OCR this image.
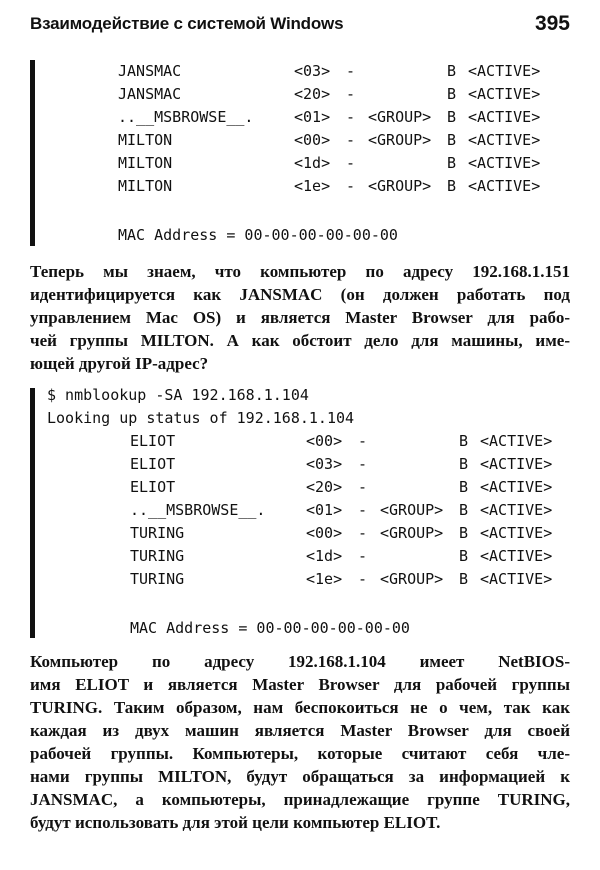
Взаимодействие с системой Windows	395
JANSMAC	<03> -	B <ACTIVE>
JANSMAC	<20> -	B <ACTIVE>
..__MSBROWSE__.	<01> - <GROUP> B <ACTIVE>
MILTON	<00> - <GROUP> B <ACTIVE>
MILTON	<1d> -	B <ACTIVE>
MILTON	<1e> - <GROUP> B <ACTIVE>
MAC Address = 00-00-00-00-00-00
Теперь мы знаем, что компьютер по адресу 192.168.1.151
идентифицируется как JANSMAC (он должен работать под
управлением Mac OS) и является Master Browser для рабо-
чей группы MILTON. А как обстоит дело для машины, име-
ющей другой IP-адрес?
$ nmblookup -SA 192.168.1.104
Looking up status of 192.168.1.104
ELIOT	<00> -	B <ACTIVE>
ELIOT	<03> -	B <ACTIVE>
ELIOT	<20> -	B <ACTIVE>
..__MSBROWSE__.	<01> - <GROUP> B <ACTIVE>
TURING	<00> - <GROUP> B <ACTIVE>
TURING	<1d> -	B <ACTIVE>
TURING	<1e> - <GROUP> B <ACTIVE>
MAC Address = 00-00-00-00-00-00
Компьютер по адресу 192.168.1.104 имеет NetBIOS-
имя ELIOT и является Master Browser для рабочей группы
TURING. Таким образом, нам беспокоиться не о чем, так как
каждая из двух машин является Master Browser для своей
рабочей группы. Компьютеры, которые считают себя чле-
нами группы MILTON, будут обращаться за информацией к
JANSMAC, а компьютеры, принадлежащие группе TURING,
будут использовать для этой цели компьютер ELIOT.
